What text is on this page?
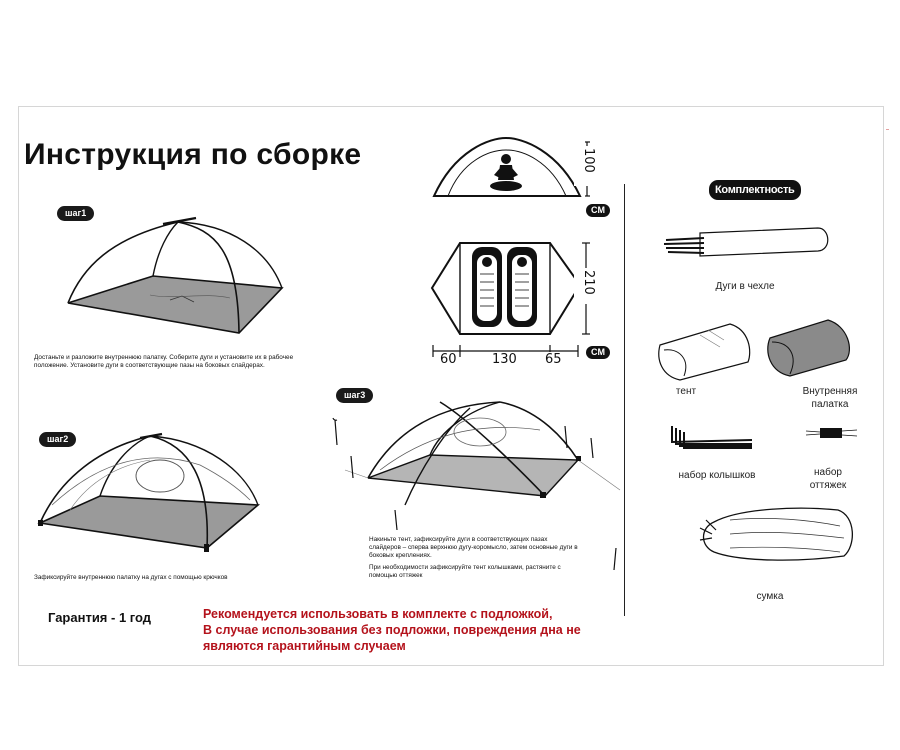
Инструкция по сборке
шаг1
Достаньте и разложите внутреннюю палатку. Соберите дуги и установите их в рабочее
положение. Установите дуги в соответствующие пазы на боковых слайдерах.
шаг2
Зафиксируйте внутреннюю палатку на дугах с помощью крючков
шаг3
Накиньте тент, зафиксируйте дуги в соответствующих пазах
слайдеров – сперва верхнюю дугу-коромысло, затем основные дуги в
боковых креплениях.
При необходимости зафиксируйте тент колышками, растяните с
помощью оттяжек
100
CM
210
60	130 65	CM
Комплектность
Дуги в чехле
тент	Внутренняя
палатка
набор колышков	набор
оттяжек
сумка
Гарантия - 1 год	Рекомендуется использовать в комплекте с подложкой,
В случае использования без подложки, повреждения дна не
являются гарантийным случаем
